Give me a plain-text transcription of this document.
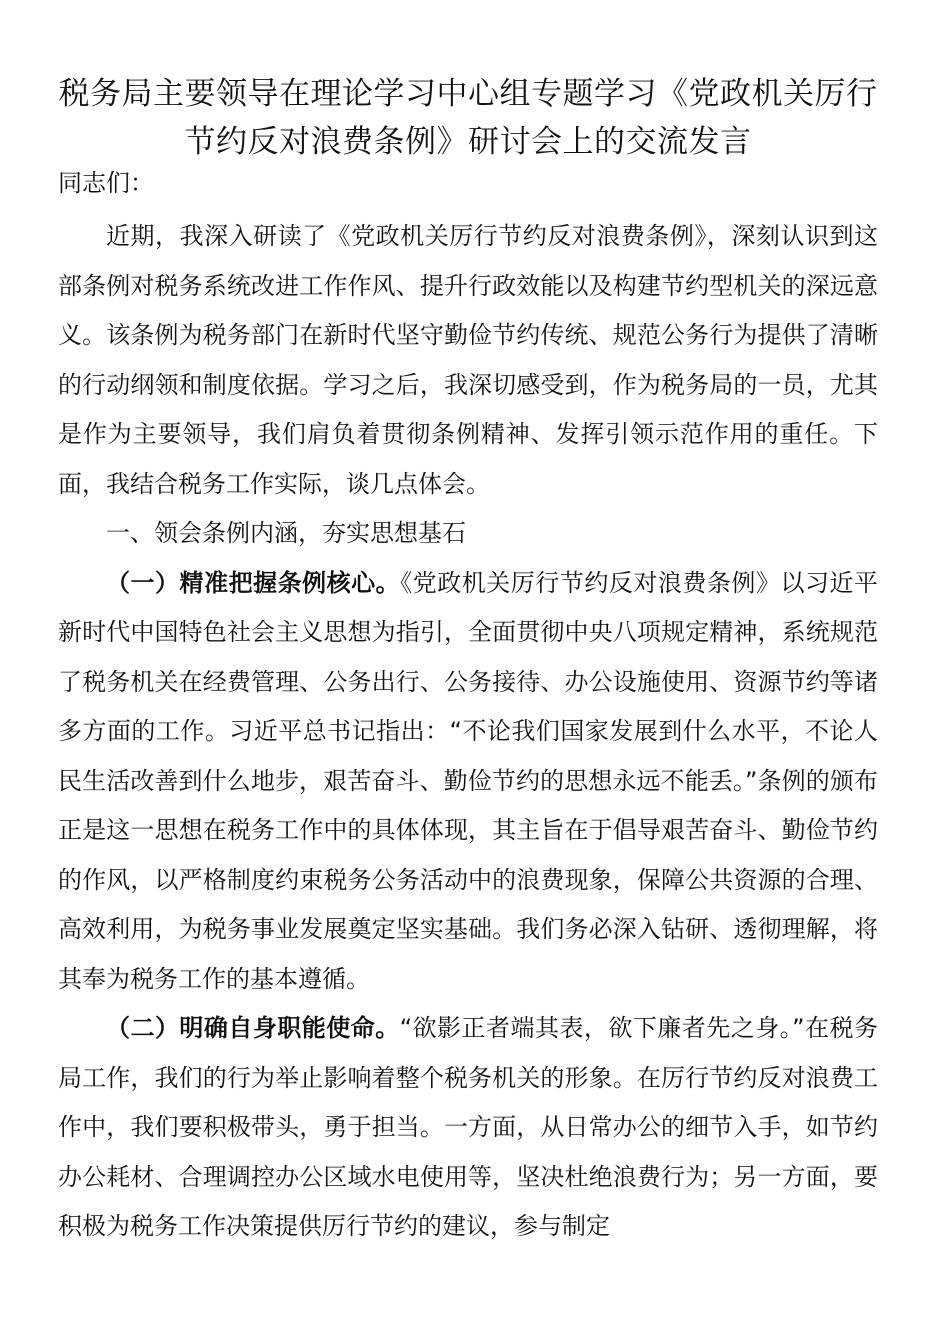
税务局主要领导在理论学习中心组专题学习《党政机关厉行节约反对浪费条例》研讨会上的交流发言

同志们：

近期，我深入研读了《党政机关厉行节约反对浪费条例》，深刻认识到这部条例对税务系统改进工作作风、提升行政效能以及构建节约型机关的深远意义。该条例为税务部门在新时代坚守勤俭节约传统、规范公务行为提供了清晰的行动纲领和制度依据。学习之后，我深切感受到，作为税务局的一员，尤其是作为主要领导，我们肩负着贯彻条例精神、发挥引领示范作用的重任。下面，我结合税务工作实际，谈几点体会。

一、领会条例内涵，夯实思想基石

（一）精准把握条例核心。《党政机关厉行节约反对浪费条例》以习近平新时代中国特色社会主义思想为指引，全面贯彻中央八项规定精神，系统规范了税务机关在经费管理、公务出行、公务接待、办公设施使用、资源节约等诸多方面的工作。习近平总书记指出：“不论我们国家发展到什么水平，不论人民生活改善到什么地步，艰苦奋斗、勤俭节约的思想永远不能丢。”条例的颁布正是这一思想在税务工作中的具体体现，其主旨在于倡导艰苦奋斗、勤俭节约的作风，以严格制度约束税务公务活动中的浪费现象，保障公共资源的合理、高效利用，为税务事业发展奠定坚实基础。我们务必深入钻研、透彻理解，将其奉为税务工作的基本遵循。

（二）明确自身职能使命。“欲影正者端其表，欲下廉者先之身。”在税务局工作，我们的行为举止影响着整个税务机关的形象。在厉行节约反对浪费工作中，我们要积极带头，勇于担当。一方面，从日常办公的细节入手，如节约办公耗材、合理调控办公区域水电使用等，坚决杜绝浪费行为；另一方面，要积极为税务工作决策提供厉行节约的建议，参与制定
